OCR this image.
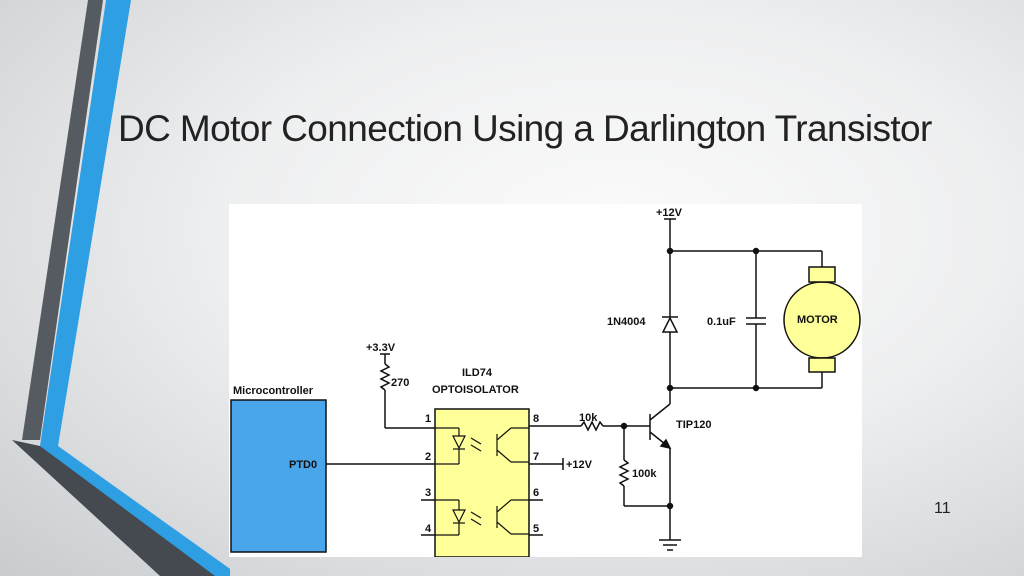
DC Motor Connection Using a Darlington Transistor
11
Microcontroller
PTD0
+3.3V
270
ILD74
OPTOISOLATOR
1
2
3
4	5
6
7
8
+12V
10k
100k
TIP120
+12V
1N4004	0.1uF	MOTOR
